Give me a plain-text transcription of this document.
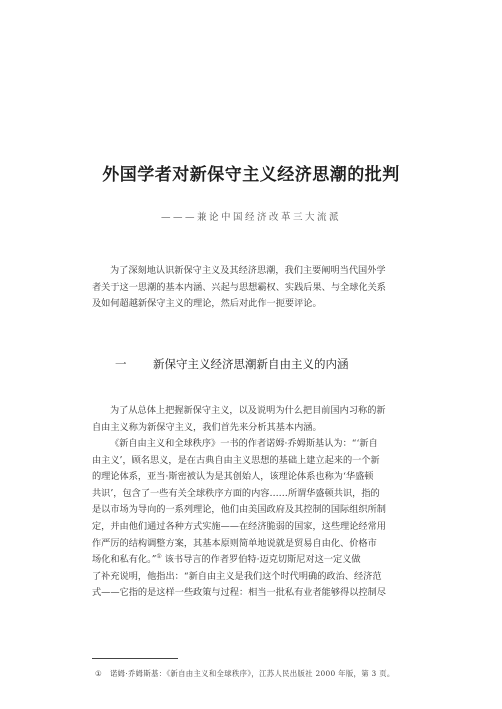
外国学者对新保守主义经济思潮的批判
———兼论中国经济改革三大流派
为了深刻地认识新保守主义及其经济思潮，我们主要阐明当代国外学
者关于这一思潮的基本内涵、兴起与思想霸权、实践后果、与全球化关系
及如何超越新保守主义的理论，然后对此作一扼要评论。
一 新保守主义经济思潮新自由主义的内涵
为了从总体上把握新保守主义，以及说明为什么把目前国内习称的新
自由主义称为新保守主义，我们首先来分析其基本内涵。
《新自由主义和全球秩序》一书的作者诺姆·乔姆斯基认为：“‘新自
由主义’，顾名思义，是在古典自由主义思想的基础上建立起来的一个新
的理论体系，亚当·斯密被认为是其创始人，该理论体系也称为‘华盛顿
共识’，包含了一些有关全球秩序方面的内容……所谓华盛顿共识，指的
是以市场为导向的一系列理论，他们由美国政府及其控制的国际组织所制
定，并由他们通过各种方式实施——在经济脆弱的国家，这些理论经常用
作严厉的结构调整方案，其基本原则简单地说就是贸易自由化、价格市
场化和私有化。”① 该书导言的作者罗伯特·迈克切斯尼对这一定义做
了补充说明，他指出：“新自由主义是我们这个时代明确的政治、经济范
式——它指的是这样一些政策与过程：相当一批私有业者能够得以控制尽
① 诺姆·乔姆斯基：《新自由主义和全球秩序》，江苏人民出版社 2000 年版，第 3 页。
